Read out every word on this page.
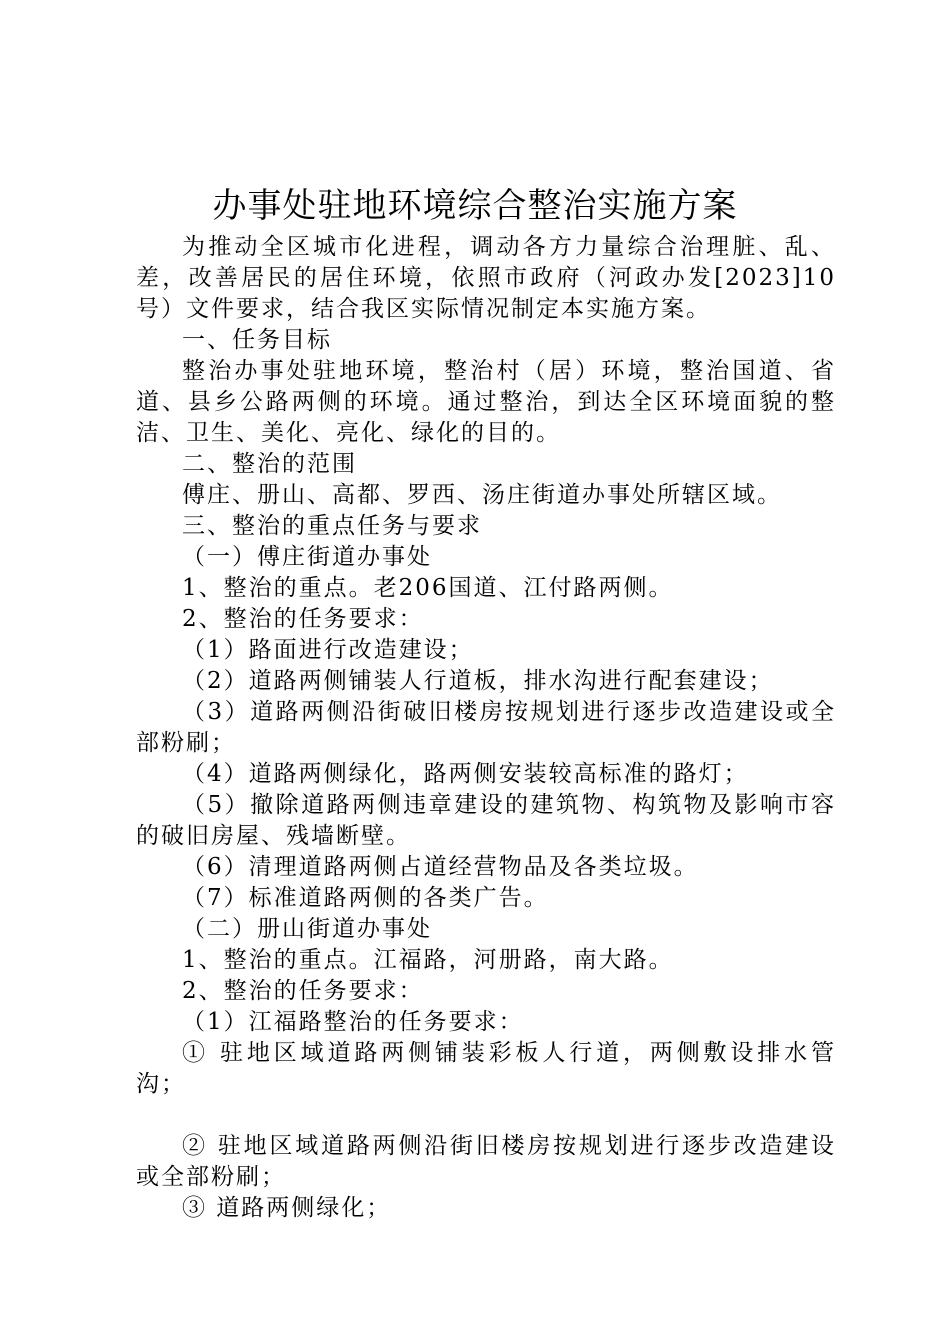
办事处驻地环境综合整治实施方案

为推动全区城市化进程，调动各方力量综合治理脏、乱、差，改善居民的居住环境，依照市政府（河政办发[2023]10号）文件要求，结合我区实际情况制定本实施方案。

一、任务目标

整治办事处驻地环境，整治村（居）环境，整治国道、省道、县乡公路两侧的环境。通过整治，到达全区环境面貌的整洁、卫生、美化、亮化、绿化的目的。

二、整治的范围

傅庄、册山、高都、罗西、汤庄街道办事处所辖区域。

三、整治的重点任务与要求

（一）傅庄街道办事处

1、整治的重点。老206国道、江付路两侧。

2、整治的任务要求：

（1）路面进行改造建设；

（2）道路两侧铺装人行道板，排水沟进行配套建设；

（3）道路两侧沿街破旧楼房按规划进行逐步改造建设或全部粉刷；

（4）道路两侧绿化，路两侧安装较高标准的路灯；

（5）撤除道路两侧违章建设的建筑物、构筑物及影响市容的破旧房屋、残墙断壁。

（6）清理道路两侧占道经营物品及各类垃圾。

（7）标准道路两侧的各类广告。

（二）册山街道办事处

1、整治的重点。江福路，河册路，南大路。

2、整治的任务要求：

（1）江福路整治的任务要求：

① 驻地区域道路两侧铺装彩板人行道，两侧敷设排水管沟；

② 驻地区域道路两侧沿街旧楼房按规划进行逐步改造建设或全部粉刷；

③ 道路两侧绿化；
